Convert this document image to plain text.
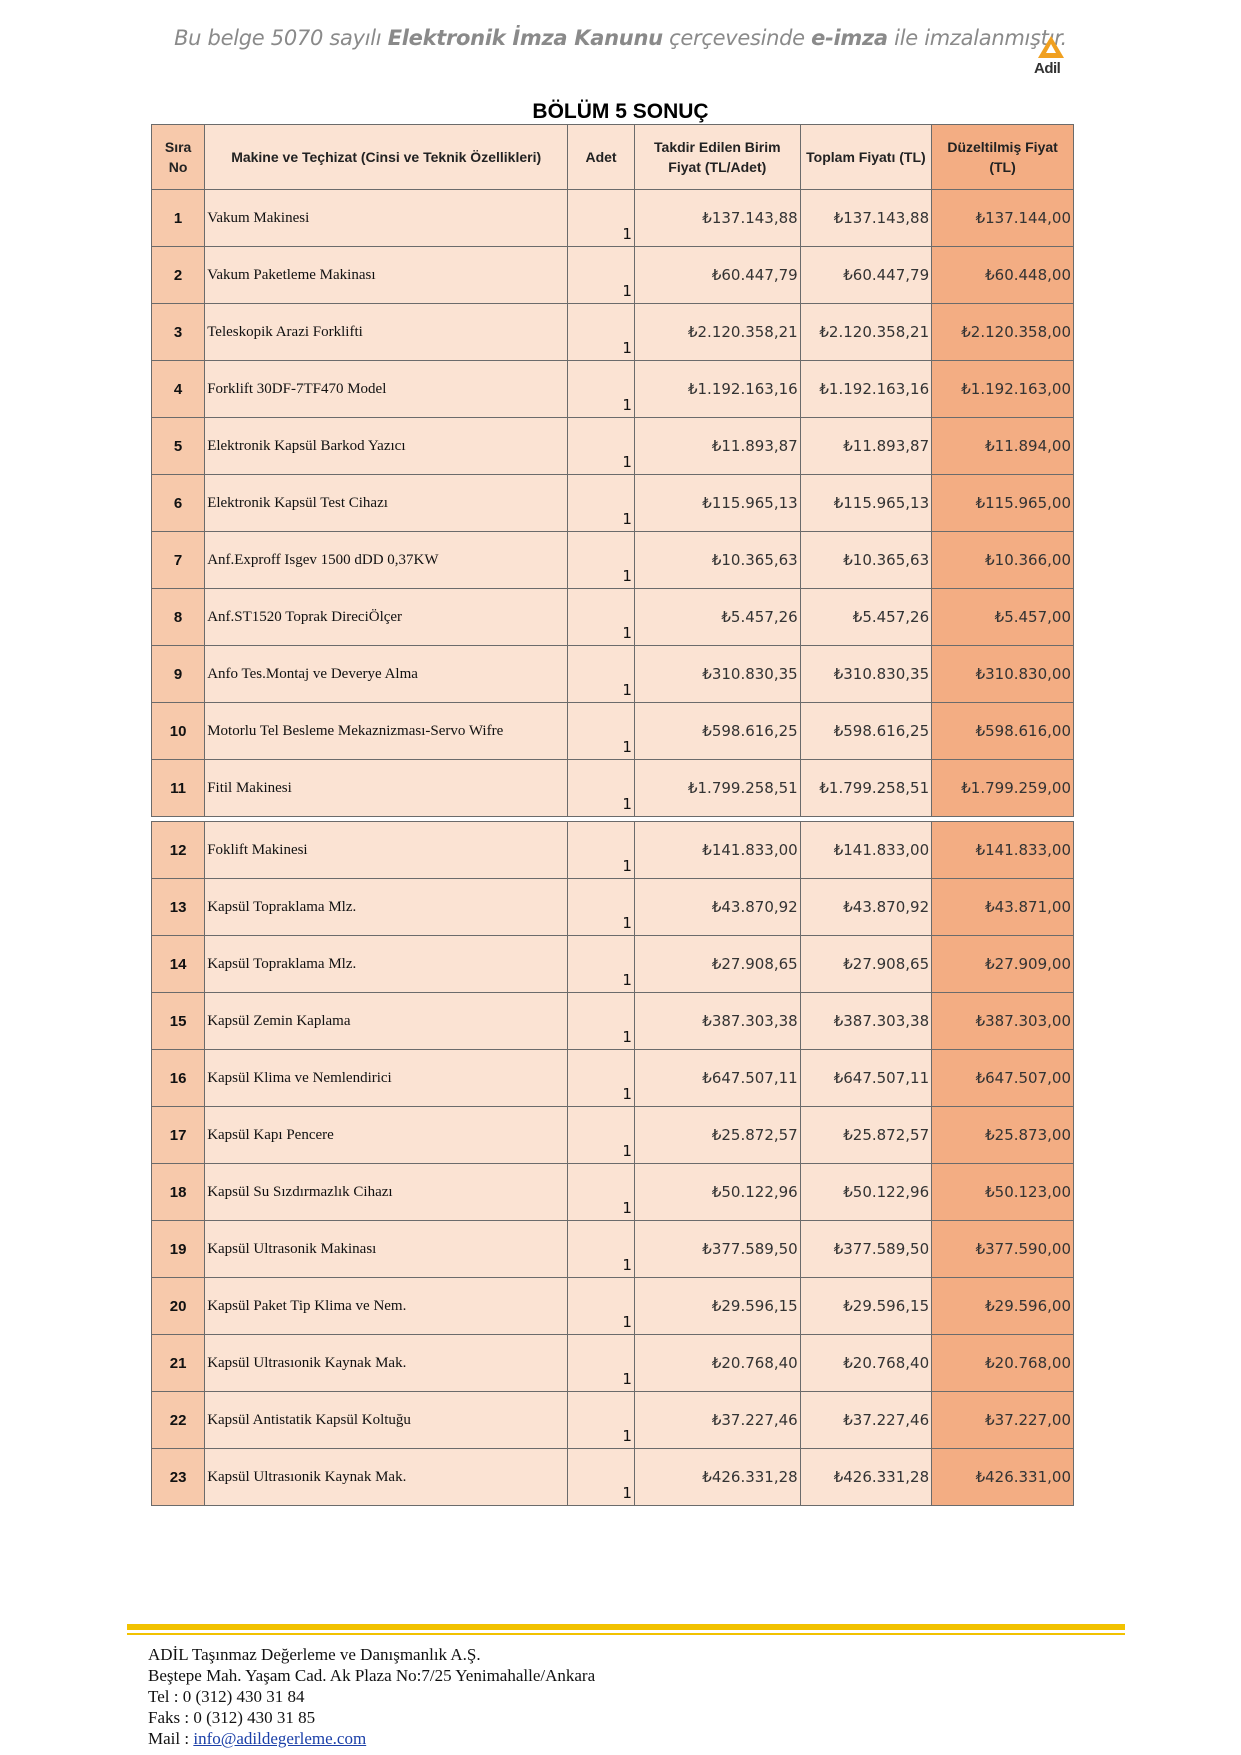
Bu belge 5070 sayılı Elektronik İmza Kanunu çerçevesinde e-imza ile imzalanmıştır.
Adil
BÖLÜM 5 SONUÇ
Sıra No	Makine ve Teçhizat (Cinsi ve Teknik Özellikleri)	Adet	Takdir Edilen Birim Fiyat (TL/Adet)	Toplam Fiyatı (TL)	Düzeltilmiş Fiyat (TL)
1	Vakum Makinesi	1	₺137.143,88	₺137.143,88	₺137.144,00
2	Vakum Paketleme Makinası	1	₺60.447,79	₺60.447,79	₺60.448,00
3	Teleskopik Arazi Forklifti	1	₺2.120.358,21	₺2.120.358,21	₺2.120.358,00
4	Forklift 30DF-7TF470 Model	1	₺1.192.163,16	₺1.192.163,16	₺1.192.163,00
5	Elektronik Kapsül Barkod Yazıcı	1	₺11.893,87	₺11.893,87	₺11.894,00
6	Elektronik Kapsül Test Cihazı	1	₺115.965,13	₺115.965,13	₺115.965,00
7	Anf.Exproff Isgev 1500 dDD 0,37KW	1	₺10.365,63	₺10.365,63	₺10.366,00
8	Anf.ST1520 Toprak DireciÖlçer	1	₺5.457,26	₺5.457,26	₺5.457,00
9	Anfo Tes.Montaj ve Deverye Alma	1	₺310.830,35	₺310.830,35	₺310.830,00
10	Motorlu Tel Besleme Mekaznizması-Servo Wifre	1	₺598.616,25	₺598.616,25	₺598.616,00
11	Fitil Makinesi	1	₺1.799.258,51	₺1.799.258,51	₺1.799.259,00

12	Foklift Makinesi	1	₺141.833,00	₺141.833,00	₺141.833,00
13	Kapsül Topraklama Mlz.	1	₺43.870,92	₺43.870,92	₺43.871,00
14	Kapsül Topraklama Mlz.	1	₺27.908,65	₺27.908,65	₺27.909,00
15	Kapsül Zemin Kaplama	1	₺387.303,38	₺387.303,38	₺387.303,00
16	Kapsül Klima ve Nemlendirici	1	₺647.507,11	₺647.507,11	₺647.507,00
17	Kapsül Kapı Pencere	1	₺25.872,57	₺25.872,57	₺25.873,00
18	Kapsül Su Sızdırmazlık Cihazı	1	₺50.122,96	₺50.122,96	₺50.123,00
19	Kapsül Ultrasonik Makinası	1	₺377.589,50	₺377.589,50	₺377.590,00
20	Kapsül Paket Tip Klima ve Nem.	1	₺29.596,15	₺29.596,15	₺29.596,00
21	Kapsül Ultrasıonik Kaynak Mak.	1	₺20.768,40	₺20.768,40	₺20.768,00
22	Kapsül Antistatik Kapsül Koltuğu	1	₺37.227,46	₺37.227,46	₺37.227,00
23	Kapsül Ultrasıonik Kaynak Mak.	1	₺426.331,28	₺426.331,28	₺426.331,00
ADİL Taşınmaz Değerleme ve Danışmanlık A.Ş.
Beştepe Mah. Yaşam Cad. Ak Plaza No:7/25 Yenimahalle/Ankara
Tel : 0 (312) 430 31 84
Faks : 0 (312) 430 31 85
Mail : info@adildegerleme.com
